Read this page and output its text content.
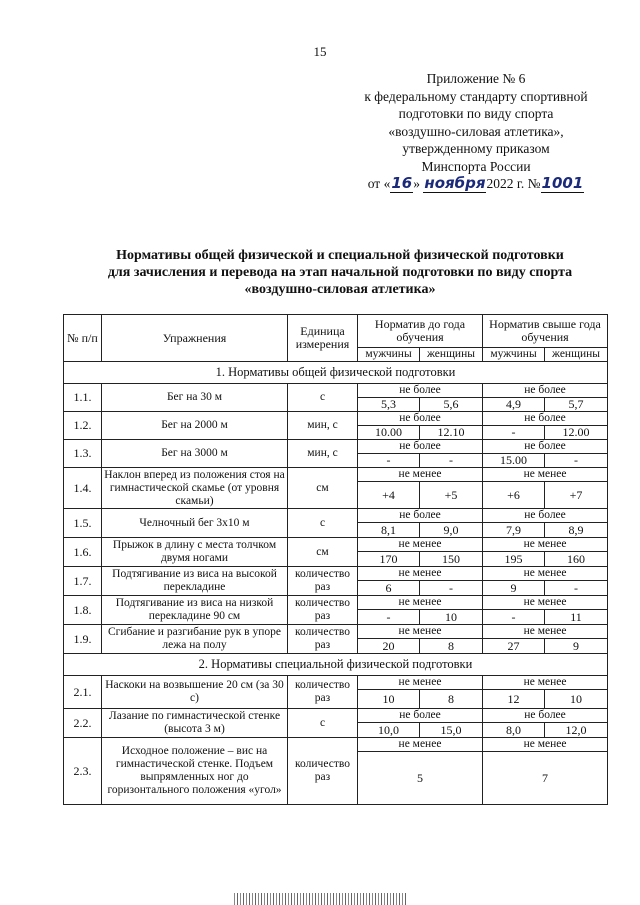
15
Приложение № 6
к федеральному стандарту спортивной
подготовки по виду спорта
«воздушно-силовая атлетика»,
утвержденному приказом
Минспорта России
от «16» ноября2022 г. №1001
Нормативы общей физической и специальной физической подготовки
для зачисления и перевода на этап начальной подготовки по виду спорта
«воздушно-силовая атлетика»
№ п/п	Упражнения	Единица измерения	Норматив до года обучения		Норматив свыше года обучения	
			мужчины	женщины	мужчины	женщины
1. Нормативы общей физической подготовки						
1.1.	Бег на 30 м	с	не более		не более	
			5,3	5,6	4,9	5,7
1.2.	Бег на 2000 м	мин, с	не более		не более	
			10.00	12.10	-	12.00
1.3.	Бег на 3000 м	мин, с	не более		не более	
			-	-	15.00	-
1.4.	Наклон вперед из положения стоя на гимнастической скамье (от уровня скамьи)	см	не менее		не менее	
			+4	+5	+6	+7
1.5.	Челночный бег 3х10 м	с	не более		не более	
			8,1	9,0	7,9	8,9
1.6.	Прыжок в длину с места толчком двумя ногами	см	не менее		не менее	
			170	150	195	160
1.7.	Подтягивание из виса на высокой перекладине	количество раз	не менее		не менее	
			6	-	9	-
1.8.	Подтягивание из виса на низкой перекладине 90 см	количество раз	не менее		не менее	
			-	10	-	11
1.9.	Сгибание и разгибание рук в упоре лежа на полу	количество раз	не менее		не менее	
			20	8	27	9
2. Нормативы специальной физической подготовки						
2.1.	Наскоки на возвышение 20 см (за 30 с)	количество раз	не менее		не менее	
			10	8	12	10
2.2.	Лазание по гимнастической стенке (высота 3 м)	с	не более		не более	
			10,0	15,0	8,0	12,0
2.3.	Исходное положение – вис на гимнастической стенке. Подъем выпрямленных ног до горизонтального положения «угол»	количество раз	не менее		не менее	
			5		7	
